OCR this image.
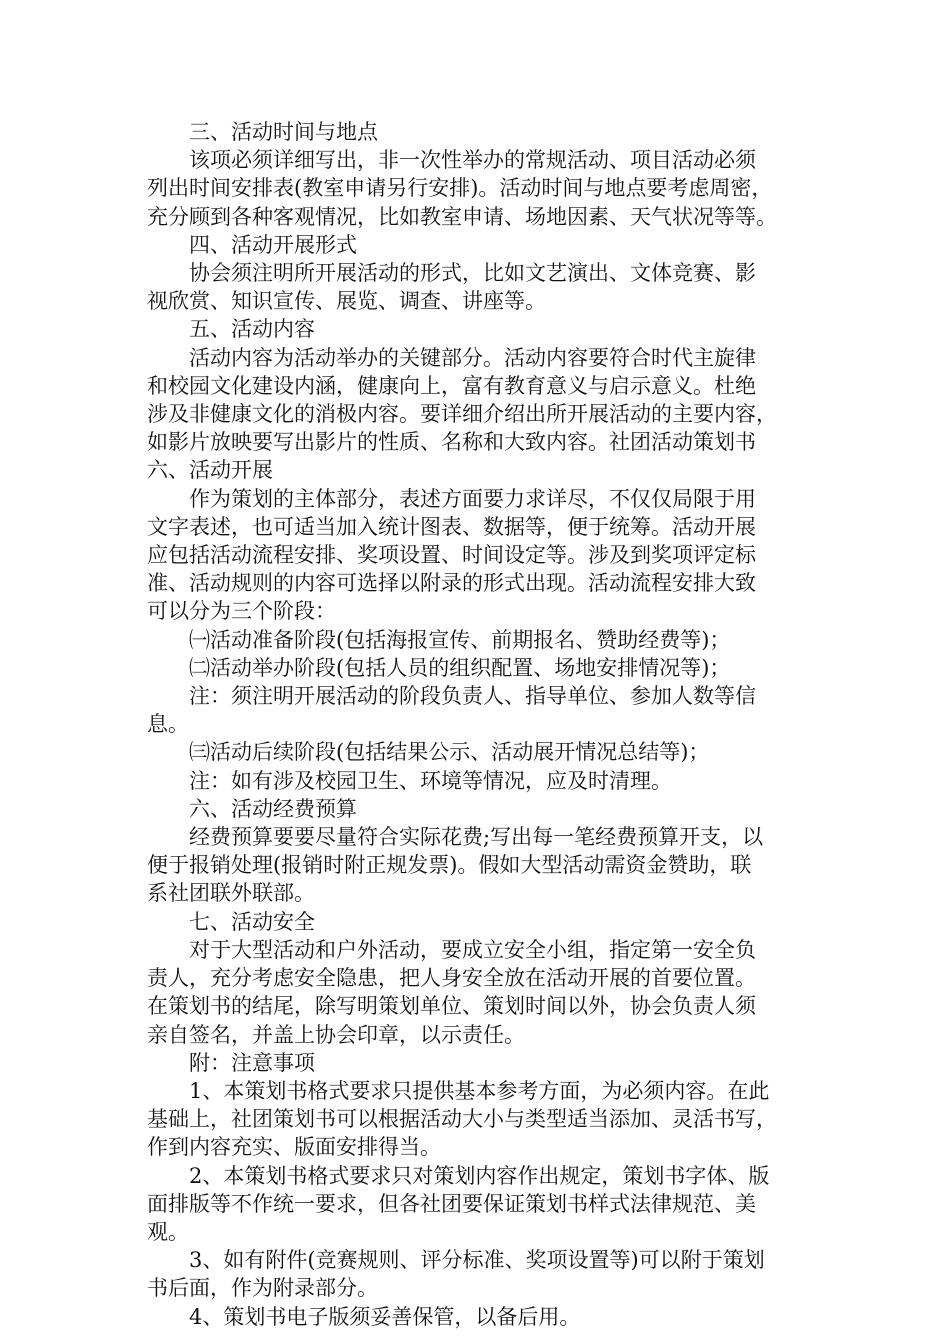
三、活动时间与地点

该项必须详细写出，非一次性举办的常规活动、项目活动必须

列出时间安排表(教室申请另行安排)。活动时间与地点要考虑周密，

充分顾到各种客观情况，比如教室申请、场地因素、天气状况等等。

四、活动开展形式

协会须注明所开展活动的形式，比如文艺演出、文体竞赛、影

视欣赏、知识宣传、展览、调查、讲座等。

五、活动内容

活动内容为活动举办的关键部分。活动内容要符合时代主旋律

和校园文化建设内涵，健康向上，富有教育意义与启示意义。杜绝

涉及非健康文化的消极内容。要详细介绍出所开展活动的主要内容，

如影片放映要写出影片的性质、名称和大致内容。社团活动策划书

六、活动开展

作为策划的主体部分，表述方面要力求详尽，不仅仅局限于用

文字表述，也可适当加入统计图表、数据等，便于统筹。活动开展

应包括活动流程安排、奖项设置、时间设定等。涉及到奖项评定标

准、活动规则的内容可选择以附录的形式出现。活动流程安排大致

可以分为三个阶段：

㈠活动准备阶段(包括海报宣传、前期报名、赞助经费等)；

㈡活动举办阶段(包括人员的组织配置、场地安排情况等)；

注：须注明开展活动的阶段负责人、指导单位、参加人数等信

息。

㈢活动后续阶段(包括结果公示、活动展开情况总结等)；

注：如有涉及校园卫生、环境等情况，应及时清理。

六、活动经费预算

经费预算要要尽量符合实际花费;写出每一笔经费预算开支，以

便于报销处理(报销时附正规发票)。假如大型活动需资金赞助，联

系社团联外联部。

七、活动安全

对于大型活动和户外活动，要成立安全小组，指定第一安全负

责人，充分考虑安全隐患，把人身安全放在活动开展的首要位置。

在策划书的结尾，除写明策划单位、策划时间以外，协会负责人须

亲自签名，并盖上协会印章，以示责任。

附：注意事项

1、本策划书格式要求只提供基本参考方面，为必须内容。在此

基础上，社团策划书可以根据活动大小与类型适当添加、灵活书写，

作到内容充实、版面安排得当。

2、本策划书格式要求只对策划内容作出规定，策划书字体、版

面排版等不作统一要求，但各社团要保证策划书样式法律规范、美

观。

3、如有附件(竞赛规则、评分标准、奖项设置等)可以附于策划

书后面，作为附录部分。

4、策划书电子版须妥善保管，以备后用。
